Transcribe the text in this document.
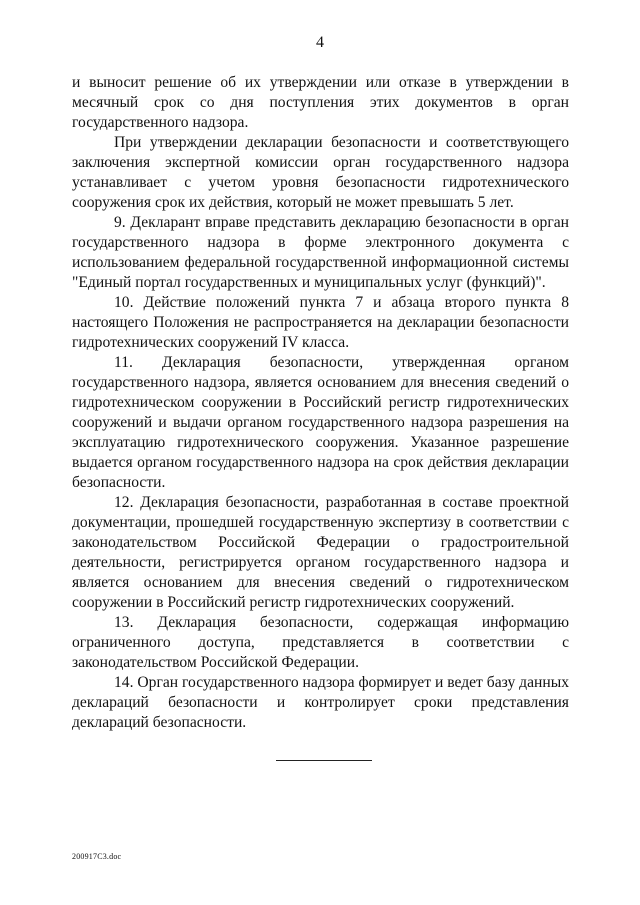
4

и выносит решение об их утверждении или отказе в утверждении в месячный срок со дня поступления этих документов в орган государственного надзора.

При утверждении декларации безопасности и соответствующего заключения экспертной комиссии орган государственного надзора устанавливает с учетом уровня безопасности гидротехнического сооружения срок их действия, который не может превышать 5 лет.

9. Декларант вправе представить декларацию безопасности в орган государственного надзора в форме электронного документа с использованием федеральной государственной информационной системы "Единый портал государственных и муниципальных услуг (функций)".

10. Действие положений пункта 7 и абзаца второго пункта 8 настоящего Положения не распространяется на декларации безопасности гидротехнических сооружений IV класса.

11. Декларация безопасности, утвержденная органом государственного надзора, является основанием для внесения сведений о гидротехническом сооружении в Российский регистр гидротехнических сооружений и выдачи органом государственного надзора разрешения на эксплуатацию гидротехнического сооружения. Указанное разрешение выдается органом государственного надзора на срок действия декларации безопасности.

12. Декларация безопасности, разработанная в составе проектной документации, прошедшей государственную экспертизу в соответствии с законодательством Российской Федерации о градостроительной деятельности, регистрируется органом государственного надзора и является основанием для внесения сведений о гидротехническом сооружении в Российский регистр гидротехнических сооружений.

13. Декларация безопасности, содержащая информацию ограниченного доступа, представляется в соответствии с законодательством Российской Федерации.

14. Орган государственного надзора формирует и ведет базу данных деклараций безопасности и контролирует сроки представления деклараций безопасности.

200917C3.doc
